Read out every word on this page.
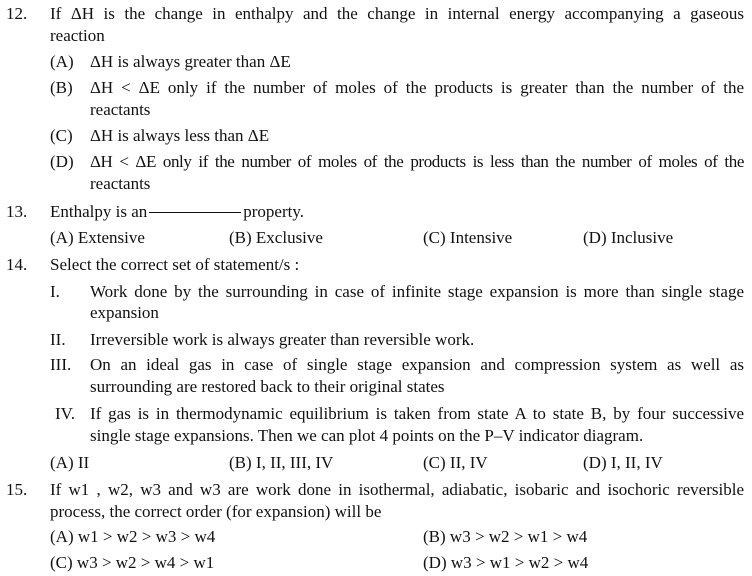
12. If ΔH is the change in enthalpy and the change in internal energy accompanying a gaseous
reaction
(A) ΔH is always greater than ΔE
(B) ΔH < ΔE only if the number of moles of the products is greater than the number of the
reactants
(C) ΔH is always less than ΔE
(D) ΔH < ΔE only if the number of moles of the products is less than the number of moles of the
reactants
13. Enthalpy is an	property.
(A) Extensive	(B) Exclusive	(C) Intensive	(D) Inclusive
14. Select the correct set of statement/s :
I. Work done by the surrounding in case of infinite stage expansion is more than single stage
expansion
II. Irreversible work is always greater than reversible work.
III. On an ideal gas in case of single stage expansion and compression system as well as
surrounding are restored back to their original states
IV. If gas is in thermodynamic equilibrium is taken from state A to state B, by four successive
single stage expansions. Then we can plot 4 points on the P–V indicator diagram.
(A) II	(B) I, II, III, IV	(C) II, IV	(D) I, II, IV
15. If w1 , w2, w3 and w3 are work done in isothermal, adiabatic, isobaric and isochoric reversible
process, the correct order (for expansion) will be
(A) w1 > w2 > w3 > w4	(B) w3 > w2 > w1 > w4
(C) w3 > w2 > w4 > w1	(D) w3 > w1 > w2 > w4
